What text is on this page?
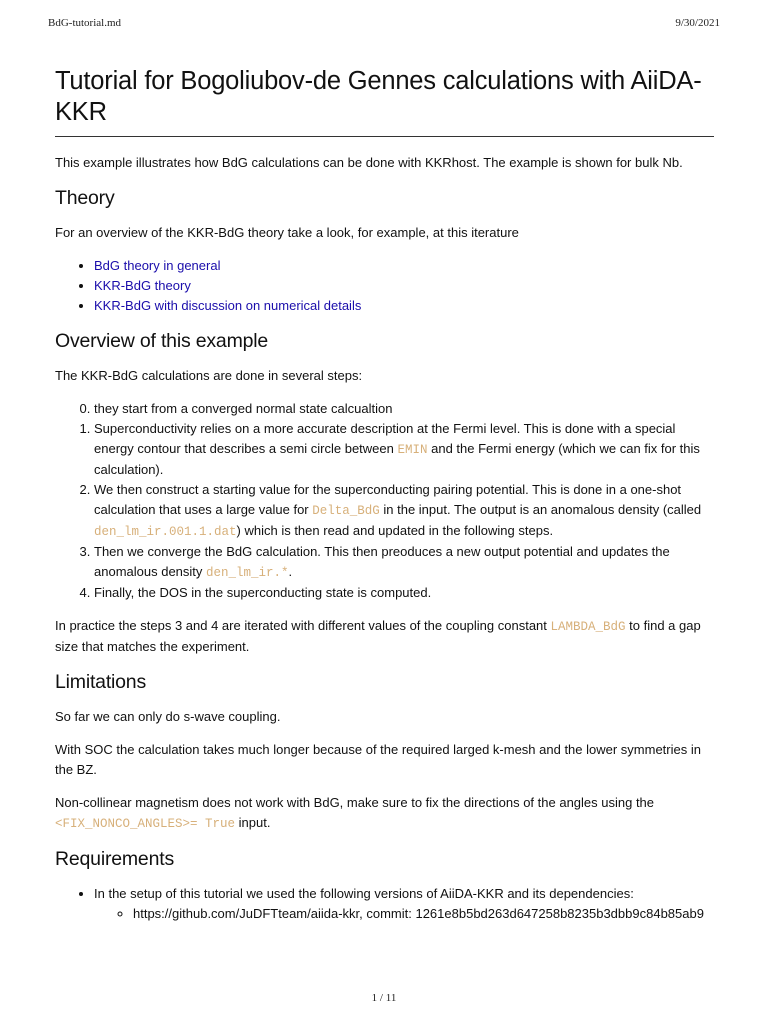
BdG-tutorial.md	9/30/2021
Tutorial for Bogoliubov-de Gennes calculations with AiiDA-KKR

This example illustrates how BdG calculations can be done with KKRhost. The example is shown for bulk Nb.

Theory

For an overview of the KKR-BdG theory take a look, for example, at this iterature

• BdG theory in general
• KKR-BdG theory
• KKR-BdG with discussion on numerical details
Overview of this example

The KKR-BdG calculations are done in several steps:

0. they start from a converged normal state calcualtion
1. Superconductivity relies on a more accurate description at the Fermi level. This is done with a special energy contour that describes a semi circle between EMIN and the Fermi energy (which we can fix for this calculation).
2. We then construct a starting value for the superconducting pairing potential. This is done in a one-shot calculation that uses a large value for Delta_BdG in the input. The output is an anomalous density (called den_lm_ir.001.1.dat) which is then read and updated in the following steps.
3. Then we converge the BdG calculation. This then preoduces a new output potential and updates the anomalous density den_lm_ir.*.
4. Finally, the DOS in the superconducting state is computed.

In practice the steps 3 and 4 are iterated with different values of the coupling constant LAMBDA_BdG to find a gap size that matches the experiment.

Limitations

So far we can only do s-wave coupling.

With SOC the calculation takes much longer because of the required larged k-mesh and the lower symmetries in the BZ.

Non-collinear magnetism does not work with BdG, make sure to fix the directions of the angles using the <FIX_NONCO_ANGLES>= True input.

Requirements
• In the setup of this tutorial we used the following versions of AiiDA-KKR and its dependencies:
◦ https://github.com/JuDFTteam/aiida-kkr, commit: 1261e8b5bd263d647258b8235b3dbb9c84b85ab9
1 / 11
